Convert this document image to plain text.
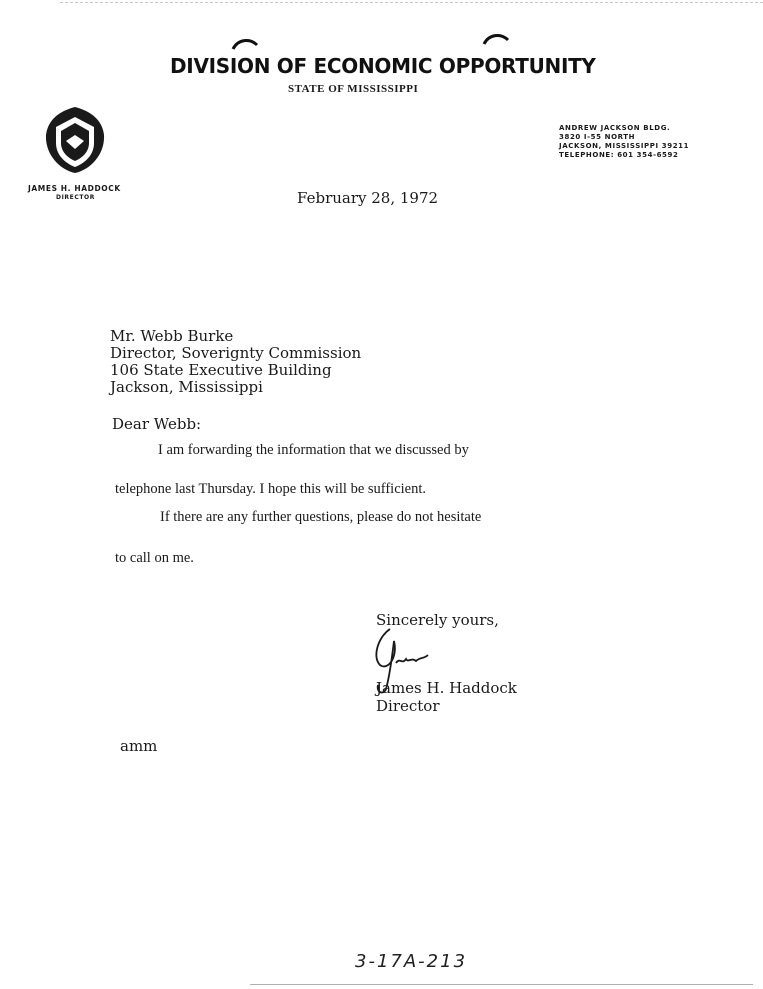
DIVISION OF ECONOMIC OPPORTUNITY
STATE OF MISSISSIPPI
ANDREW JACKSON BLDG.
3820 I-55 NORTH
JACKSON, MISSISSIPPI 39211
TELEPHONE: 601 354-6592
JAMES H. HADDOCK
DIRECTOR	February 28, 1972
Mr. Webb Burke
Director, Soverignty Commission
106 State Executive Building
Jackson, Mississippi
Dear Webb:
I am forwarding the information that we discussed by
telephone last Thursday. I hope this will be sufficient.
If there are any further questions, please do not hesitate
to call on me.
Sincerely yours,
James H. Haddock
Director
amm
3-17A-213
